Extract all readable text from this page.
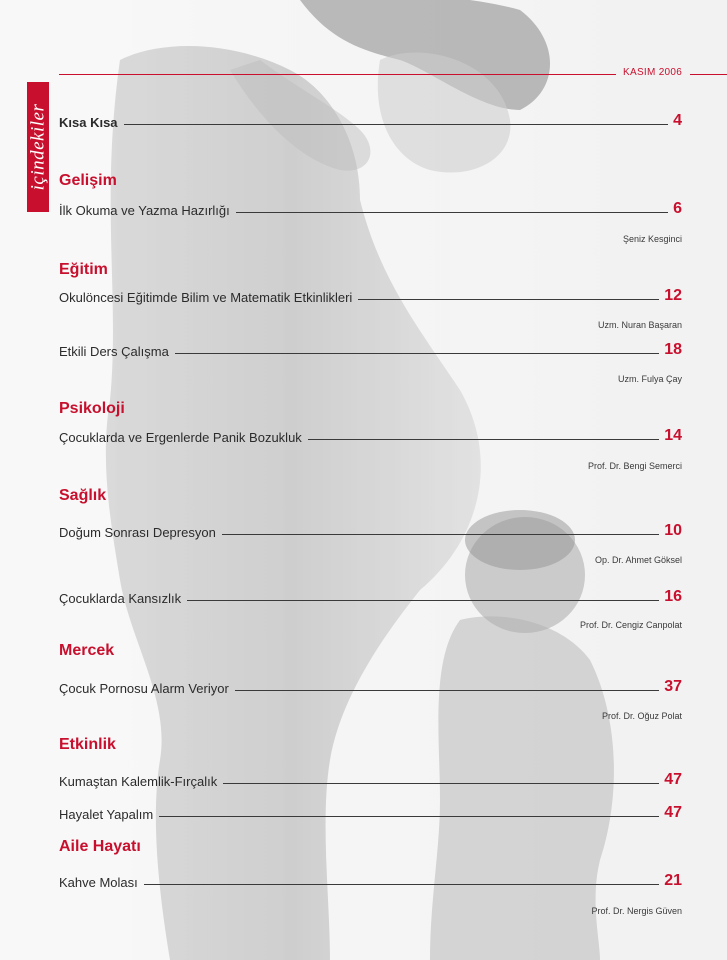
KASIM 2006
içindekiler Kısa Kısa	4
Gelişim
İlk Okuma ve Yazma Hazırlığı	6
Şeniz Kesginci
Eğitim
Okulöncesi Eğitimde Bilim ve Matematik Etkinlikleri	12
Uzm. Nuran Başaran
Etkili Ders Çalışma	18
Uzm. Fulya Çay
Psikoloji
Çocuklarda ve Ergenlerde Panik Bozukluk	14
Prof. Dr. Bengi Semerci
Sağlık
Doğum Sonrası Depresyon	10
Op. Dr. Ahmet Göksel
Çocuklarda Kansızlık	16
Prof. Dr. Cengiz Canpolat
Mercek
Çocuk Pornosu Alarm Veriyor	37
Prof. Dr. Oğuz Polat
Etkinlik
Kumaştan Kalemlik-Fırçalık	47
Hayalet Yapalım	47
Aile Hayatı
Kahve Molası	21
Prof. Dr. Nergis Güven
